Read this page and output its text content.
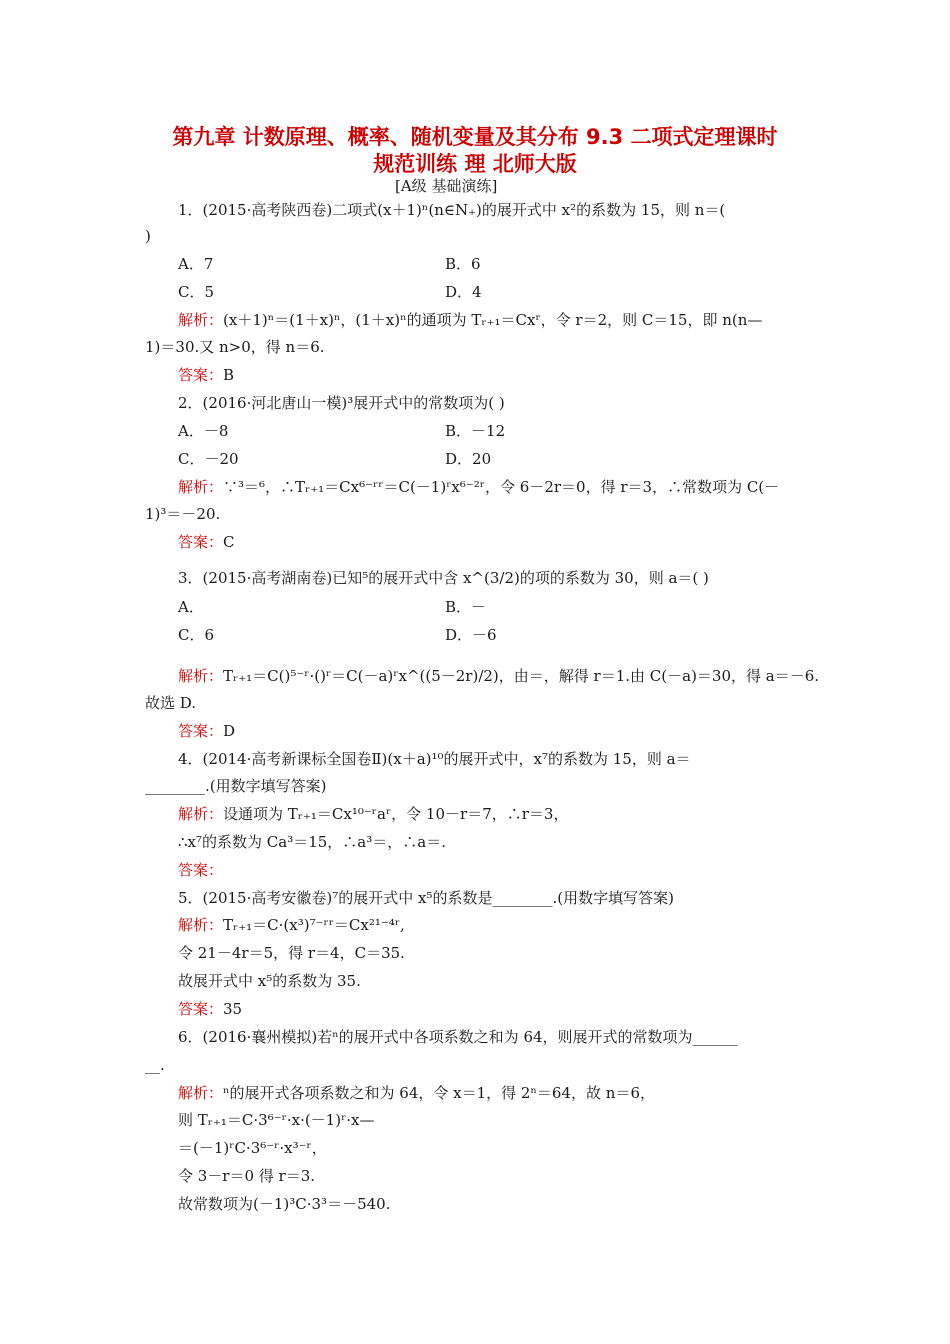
第九章 计数原理、概率、随机变量及其分布 9.3 二项式定理课时
规范训练 理 北师大版
[A级 基础演练]
1．(2015·高考陕西卷)二项式(x＋1)ⁿ(n∈N₊)的展开式中 x²的系数为 15，则 n＝(
)
A．7	B．6
C．5	D．4
解析：(x＋1)ⁿ＝(1＋x)ⁿ，(1＋x)ⁿ的通项为 Tᵣ₊₁＝Cxʳ，令 r＝2，则 C＝15，即 n(n—
1)＝30.又 n>0，得 n＝6.
答案：B
2．(2016·河北唐山一模)³展开式中的常数项为( )
A．－8	B．－12
C．－20	D．20
解析：∵³＝⁶，∴Tᵣ₊₁＝Cx⁶⁻ʳʳ＝C(－1)ʳx⁶⁻²ʳ，令 6－2r＝0，得 r＝3，∴常数项为 C(－
1)³＝－20.
答案：C
3．(2015·高考湖南卷)已知⁵的展开式中含 x^(3/2)的项的系数为 30，则 a＝( )
A．	B．－
C．6	D．－6
解析：Tᵣ₊₁＝C()⁵⁻ʳ·()ʳ＝C(－a)ʳx^((5－2r)/2)，由＝，解得 r＝1.由 C(－a)＝30，得 a＝－6.
故选 D.
答案：D
4．(2014·高考新课标全国卷Ⅱ)(x＋a)¹⁰的展开式中，x⁷的系数为 15，则 a＝
________.(用数字填写答案)
解析：设通项为 Tᵣ₊₁＝Cx¹⁰⁻ʳaʳ，令 10－r＝7，∴r＝3，
∴x⁷的系数为 Ca³＝15，∴a³＝，∴a＝.
答案：
5．(2015·高考安徽卷)⁷的展开式中 x⁵的系数是________.(用数字填写答案)
解析：Tᵣ₊₁＝C·(x³)⁷⁻ʳʳ＝Cx²¹⁻⁴ʳ,
令 21－4r＝5，得 r＝4，C＝35.
故展开式中 x⁵的系数为 35.
答案：35
6．(2016·襄州模拟)若ⁿ的展开式中各项系数之和为 64，则展开式的常数项为______
__.
解析：ⁿ的展开式各项系数之和为 64，令 x＝1，得 2ⁿ＝64，故 n＝6，
则 Tᵣ₊₁＝C·3⁶⁻ʳ·x·(－1)ʳ·x—
＝(－1)ʳC·3⁶⁻ʳ·x³⁻ʳ，
令 3－r＝0 得 r＝3.
故常数项为(－1)³C·3³＝－540.
